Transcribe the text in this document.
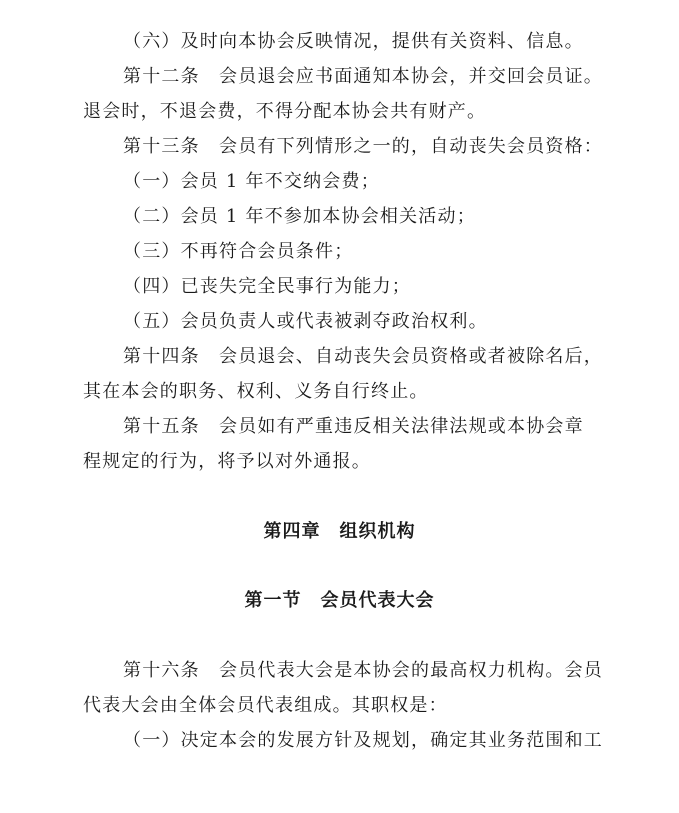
（六）及时向本协会反映情况，提供有关资料、信息。
第十二条　会员退会应书面通知本协会，并交回会员证。
退会时，不退会费，不得分配本协会共有财产。
第十三条　会员有下列情形之一的，自动丧失会员资格：
（一）会员 1 年不交纳会费；
（二）会员 1 年不参加本协会相关活动；
（三）不再符合会员条件；
（四）已丧失完全民事行为能力；
（五）会员负责人或代表被剥夺政治权利。
第十四条　会员退会、自动丧失会员资格或者被除名后，
其在本会的职务、权利、义务自行终止。
第十五条　会员如有严重违反相关法律法规或本协会章
程规定的行为，将予以对外通报。
第四章　组织机构
第一节　会员代表大会
第十六条　会员代表大会是本协会的最高权力机构。会员
代表大会由全体会员代表组成。其职权是：
（一）决定本会的发展方针及规划，确定其业务范围和工
